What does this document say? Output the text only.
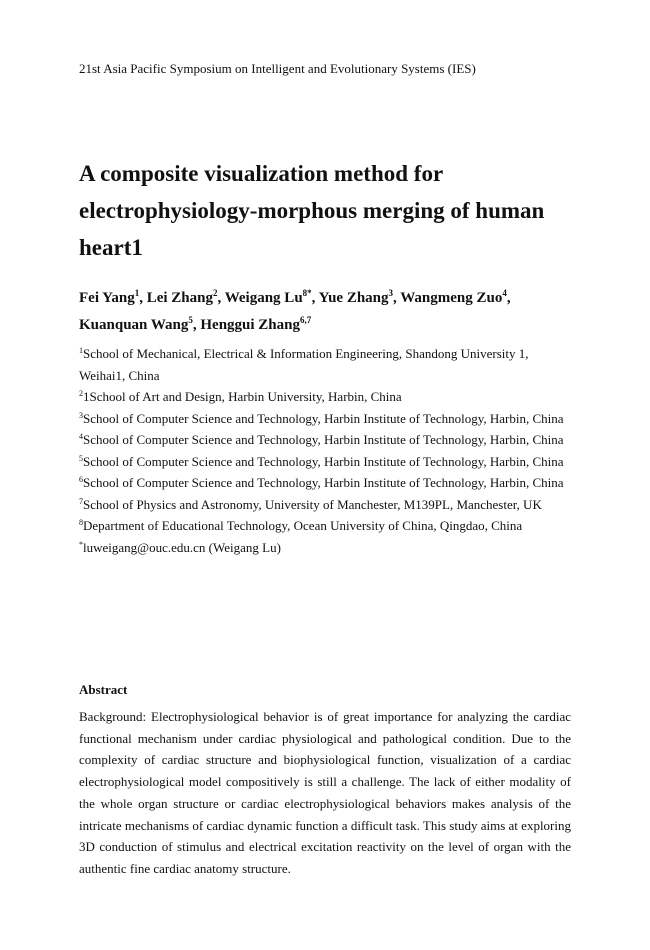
21st Asia Pacific Symposium on Intelligent and Evolutionary Systems (IES)
A composite visualization method for electrophysiology-morphous merging of human heart1
Fei Yang$^1$, Lei Zhang$^2$, Weigang $Lu^{8*}$, Yue Zhang$^3$, Wangmeng Zuo$^4$,
Kuanquan Wang$^5$, Henggui Zhang$^{6,7}$

$^1$School of Mechanical, Electrical & Information Engineering, Shandong University 1, Weihai1, China

$^2$1School of Art and Design, Harbin University, Harbin, China

$^3$School of Computer Science and Technology, Harbin Institute of Technology, Harbin, China

$^4$School of Computer Science and Technology, Harbin Institute of Technology, Harbin, China

$^5$School of Computer Science and Technology, Harbin Institute of Technology, Harbin, China

$^6$School of Computer Science and Technology, Harbin Institute of Technology, Harbin, China

$^7$School of Physics and Astronomy, University of Manchester, M139PL, Manchester, UK

$^8$Department of Educational Technology, Ocean University of China, Qingdao, China

*luweigang@ouc.edu.cn (Weigang Lu)

Abstract
Background: Electrophysiological behavior is of great importance for analyzing the cardiac functional mechanism under cardiac physiological and pathological condition. Due to the complexity of cardiac structure and biophysiological function, visualization of a cardiac electrophysiological model compositively is still a challenge. The lack of either modality of the whole organ structure or cardiac electrophysiological behaviors makes analysis of the intricate mechanisms of cardiac dynamic function a difficult task. This study aims at exploring 3D conduction of stimulus and electrical excitation reactivity on the level of organ with the authentic fine cardiac anatomy structure.
